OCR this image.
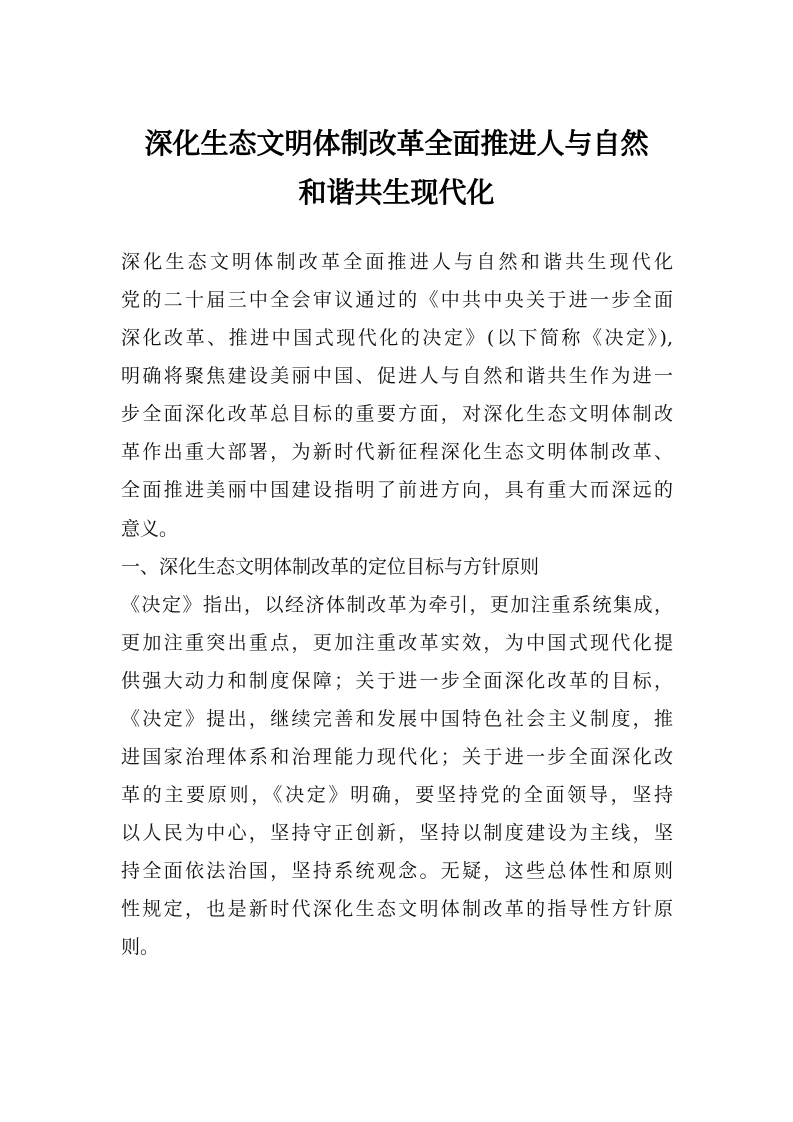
深化生态文明体制改革全面推进人与自然
和谐共生现代化
深化生态文明体制改革全面推进人与自然和谐共生现代化
党的二十届三中全会审议通过的《中共中央关于进一步全面
深化改革、推进中国式现代化的决定》(以下简称《决定》),
明确将聚焦建设美丽中国、促进人与自然和谐共生作为进一
步全面深化改革总目标的重要方面，对深化生态文明体制改
革作出重大部署，为新时代新征程深化生态文明体制改革、
全面推进美丽中国建设指明了前进方向，具有重大而深远的
意义。
一、深化生态文明体制改革的定位目标与方针原则
《决定》指出，以经济体制改革为牵引，更加注重系统集成，
更加注重突出重点，更加注重改革实效，为中国式现代化提
供强大动力和制度保障；关于进一步全面深化改革的目标，
《决定》提出，继续完善和发展中国特色社会主义制度，推
进国家治理体系和治理能力现代化；关于进一步全面深化改
革的主要原则，《决定》明确，要坚持党的全面领导，坚持
以人民为中心，坚持守正创新，坚持以制度建设为主线，坚
持全面依法治国，坚持系统观念。无疑，这些总体性和原则
性规定，也是新时代深化生态文明体制改革的指导性方针原
则。
